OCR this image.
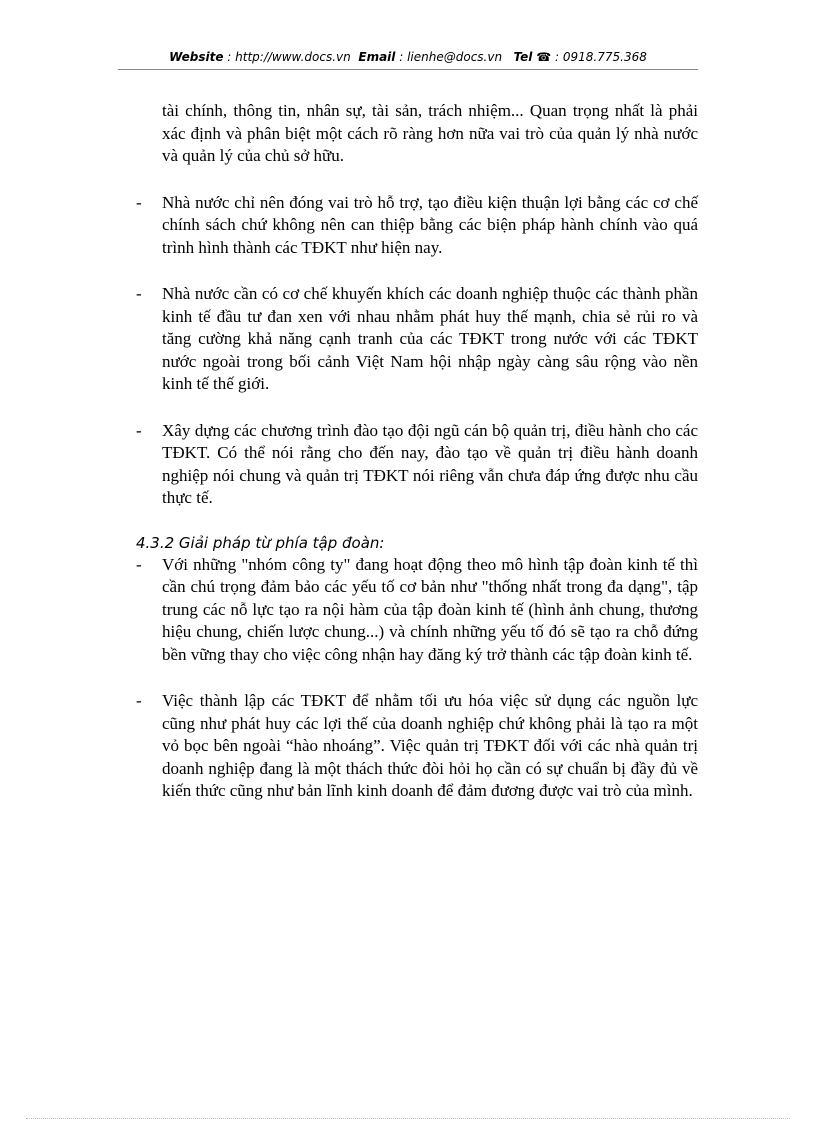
Website : http://www.docs.vn Email : lienhe@docs.vn Tel ☎ : 0918.775.368

tài chính, thông tin, nhân sự, tài sản, trách nhiệm... Quan trọng nhất là phải xác định và phân biệt một cách rõ ràng hơn nữa vai trò của quản lý nhà nước và quản lý của chủ sở hữu.

-	Nhà nước chỉ nên đóng vai trò hỗ trợ, tạo điều kiện thuận lợi bằng các cơ chế chính sách chứ không nên can thiệp bằng các biện pháp hành chính vào quá trình hình thành các TĐKT như hiện nay.
-	Nhà nước cần có cơ chế khuyến khích các doanh nghiệp thuộc các thành phần kinh tế đầu tư đan xen với nhau nhằm phát huy thế mạnh, chia sẻ rủi ro và tăng cường khả năng cạnh tranh của các TĐKT trong nước với các TĐKT nước ngoài trong bối cảnh Việt Nam hội nhập ngày càng sâu rộng vào nền kinh tế thế giới.
-	Xây dựng các chương trình đào tạo đội ngũ cán bộ quản trị, điều hành cho các TĐKT. Có thể nói rằng cho đến nay, đào tạo về quản trị điều hành doanh nghiệp nói chung và quản trị TĐKT nói riêng vẫn chưa đáp ứng được nhu cầu thực tế.
4.3.2 Giải pháp từ phía tập đoàn:
-	Với những "nhóm công ty" đang hoạt động theo mô hình tập đoàn kinh tế thì cần chú trọng đảm bảo các yếu tố cơ bản như "thống nhất trong đa dạng", tập trung các nỗ lực tạo ra nội hàm của tập đoàn kinh tế (hình ảnh chung, thương hiệu chung, chiến lược chung...) và chính những yếu tố đó sẽ tạo ra chỗ đứng bền vững thay cho việc công nhận hay đăng ký trở thành các tập đoàn kinh tế.
-	Việc thành lập các TĐKT để nhằm tối ưu hóa việc sử dụng các nguồn lực cũng như phát huy các lợi thế của doanh nghiệp chứ không phải là tạo ra một vỏ bọc bên ngoài “hào nhoáng”. Việc quản trị TĐKT đối với các nhà quản trị doanh nghiệp đang là một thách thức đòi hỏi họ cần có sự chuẩn bị đầy đủ về kiến thức cũng như bản lĩnh kinh doanh để đảm đương được vai trò của mình.
